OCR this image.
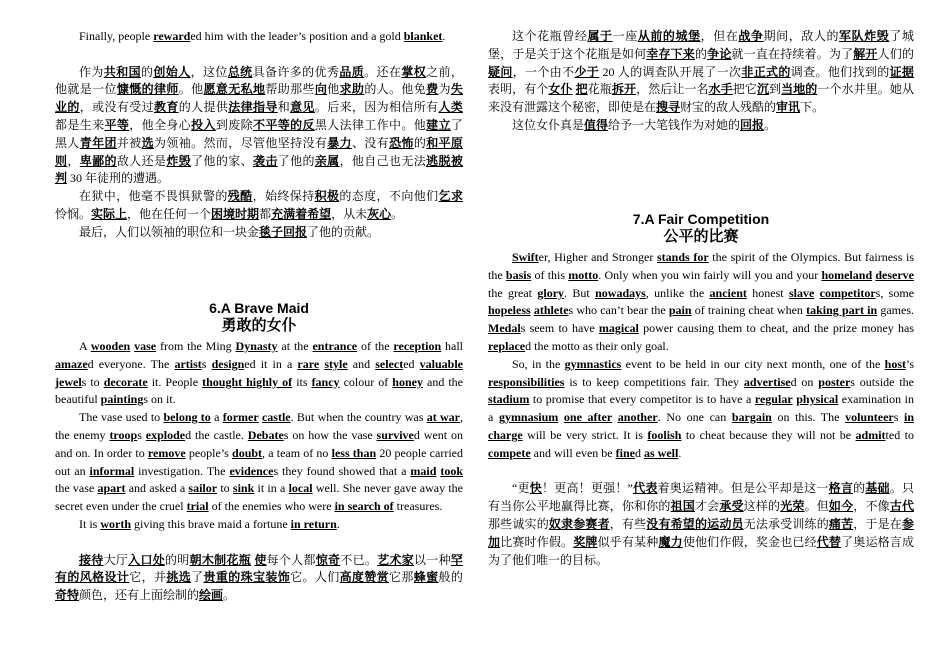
Finally, people rewarded him with the leader’s position and a gold blanket.

作为共和国的创始人，这位总统具备许多的优秀品质。还在掌权之前，他就是一位慷慨的律师。他愿意无私地帮助那些向他求助的人。他免费为失业的，或没有受过教育的人提供法律指导和意见。后来，因为相信所有人类都是生来平等，他全身心投入到废除不平等的反黑人法律工作中。他建立了黑人青年团并被选为领袖。然而，尽管他坚持没有暴力、没有恐怖的和平原则，卑鄙的敌人还是炸毁了他的家、袭击了他的亲属，他自己也无法逃脱被判 30 年徒刑的遭遇。

在狱中，他毫不畏惧狱警的残酷，始终保持积极的态度，不向他们乞求怜悯。实际上，他在任何一个困境时期都充满着希望，从未灰心。

最后，人们以领袖的职位和一块金毯子回报了他的贡献。

6.A Brave Maid
勇敢的女仆

A wooden vase from the Ming Dynasty at the entrance of the reception hall amazed everyone. The artists designed it in a rare style and selected valuable jewels to decorate it. People thought highly of its fancy colour of honey and the beautiful paintings on it.

The vase used to belong to a former castle. But when the country was at war, the enemy troops exploded the castle. Debates on how the vase survived went on and on. In order to remove people’s doubt, a team of no less than 20 people carried out an informal investigation. The evidences they found showed that a maid took the vase apart and asked a sailor to sink it in a local well. She never gave away the secret even under the cruel trial of the enemies who were in search of treasures.

It is worth giving this brave maid a fortune in return.

接待大厅入口处的明朝木制花瓶 使每个人都惊奇不已。艺术家以一种罕有的风格设计它，并挑选了贵重的珠宝装饰它。人们高度赞赏它那蜂蜜般的奇特颜色，还有上面绘制的绘画。

这个花瓶曾经属于一座从前的城堡，但在战争期间，敌人的军队炸毁了城堡，于是关于这个花瓶是如何幸存下来的争论就一直在持续着。为了解开人们的疑问，一个由不少于 20 人的调查队开展了一次非正式的调查。他们找到的证据表明，有个女仆 把花瓶拆开，然后让一名水手把它沉到当地的一个水井里。她从来没有泄露这个秘密，即使是在搜寻财宝的敌人残酷的审讯下。

这位女仆真是值得给予一大笔钱作为对她的回报。

7.A Fair Competition
公平的比赛

Swifter, Higher and Stronger stands for the spirit of the Olympics. But fairness is the basis of this motto. Only when you win fairly will you and your homeland deserve the great glory. But nowadays, unlike the ancient honest slave competitors, some hopeless athletes who can’t bear the pain of training cheat when taking part in games. Medals seem to have magical power causing them to cheat, and the prize money has replaced the motto as their only goal.

So, in the gymnastics event to be held in our city next month, one of the host’s responsibilities is to keep competitions fair. They advertised on posters outside the stadium to promise that every competitor is to have a regular physical examination in a gymnasium one after another. No one can bargain on this. The volunteers in charge will be very strict. It is foolish to cheat because they will not be admitted to compete and will even be fined as well.

“更快！更高！更强！”代表着奥运精神。但是公平却是这一格言的基础。只有当你公平地赢得比赛，你和你的祖国才会承受这样的光荣。但如今，不像古代那些诚实的奴隶参赛者，有些没有希望的运动员无法承受训练的痛苦，于是在参加比赛时作假。奖牌似乎有某种魔力使他们作假，奖金也已经代替了奥运格言成为了他们唯一的目标。
